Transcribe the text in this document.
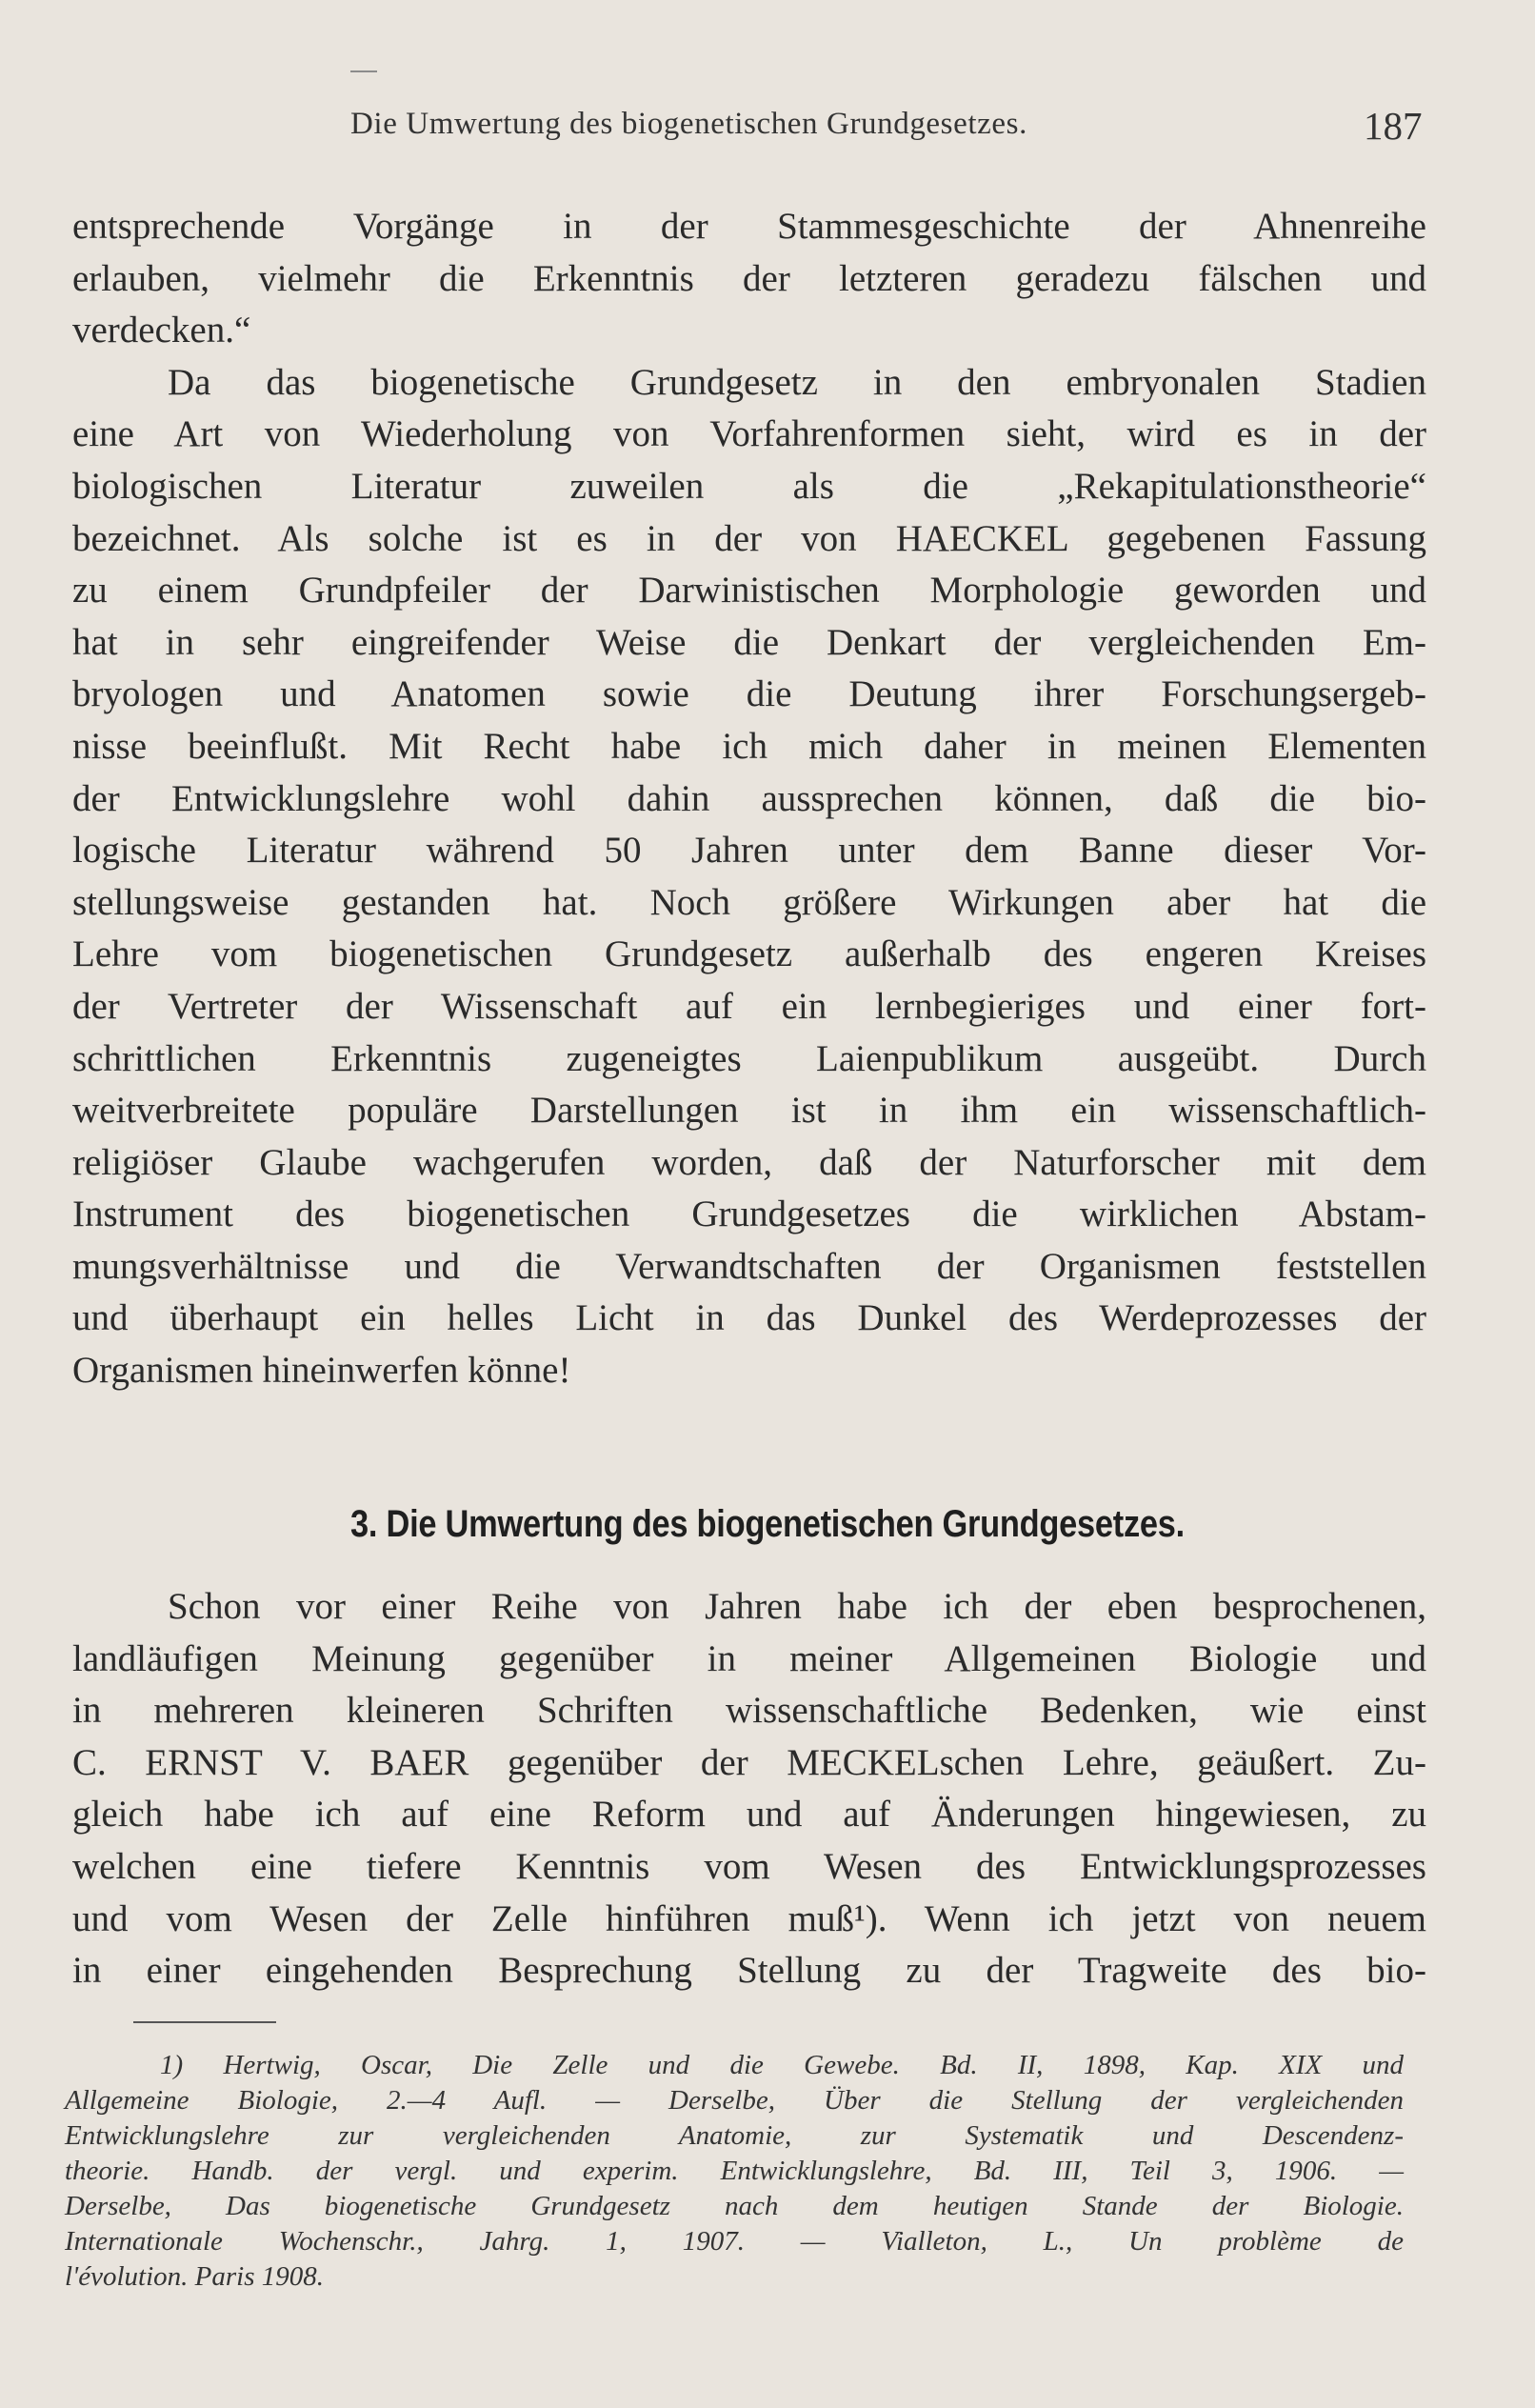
Die Umwertung des biogenetischen Grundgesetzes.	187
entsprechende Vorgänge in der Stammesgeschichte der Ahnenreihe
erlauben, vielmehr die Erkenntnis der letzteren geradezu fälschen und
verdecken.“
Da das biogenetische Grundgesetz in den embryonalen Stadien
eine Art von Wiederholung von Vorfahrenformen sieht, wird es in der
biologischen Literatur zuweilen als die „Rekapitulationstheorie“
bezeichnet. Als solche ist es in der von HAECKEL gegebenen Fassung
zu einem Grundpfeiler der Darwinistischen Morphologie geworden und
hat in sehr eingreifender Weise die Denkart der vergleichenden Em-
bryologen und Anatomen sowie die Deutung ihrer Forschungsergeb-
nisse beeinflußt. Mit Recht habe ich mich daher in meinen Elementen
der Entwicklungslehre wohl dahin aussprechen können, daß die bio-
logische Literatur während 50 Jahren unter dem Banne dieser Vor-
stellungsweise gestanden hat. Noch größere Wirkungen aber hat die
Lehre vom biogenetischen Grundgesetz außerhalb des engeren Kreises
der Vertreter der Wissenschaft auf ein lernbegieriges und einer fort-
schrittlichen Erkenntnis zugeneigtes Laienpublikum ausgeübt. Durch
weitverbreitete populäre Darstellungen ist in ihm ein wissenschaftlich-
religiöser Glaube wachgerufen worden, daß der Naturforscher mit dem
Instrument des biogenetischen Grundgesetzes die wirklichen Abstam-
mungsverhältnisse und die Verwandtschaften der Organismen feststellen
und überhaupt ein helles Licht in das Dunkel des Werdeprozesses der
Organismen hineinwerfen könne!
3. Die Umwertung des biogenetischen Grundgesetzes.
Schon vor einer Reihe von Jahren habe ich der eben besprochenen,
landläufigen Meinung gegenüber in meiner Allgemeinen Biologie und
in mehreren kleineren Schriften wissenschaftliche Bedenken, wie einst
C. ERNST V. BAER gegenüber der MECKELschen Lehre, geäußert. Zu-
gleich habe ich auf eine Reform und auf Änderungen hingewiesen, zu
welchen eine tiefere Kenntnis vom Wesen des Entwicklungsprozesses
und vom Wesen der Zelle hinführen muß¹). Wenn ich jetzt von neuem
in einer eingehenden Besprechung Stellung zu der Tragweite des bio-
1) Hertwig, Oscar, Die Zelle und die Gewebe. Bd. II, 1898, Kap. XIX und
Allgemeine Biologie, 2.—4 Aufl. — Derselbe, Über die Stellung der vergleichenden
Entwicklungslehre zur vergleichenden Anatomie, zur Systematik und Descendenz-
theorie. Handb. der vergl. und experim. Entwicklungslehre, Bd. III, Teil 3, 1906. —
Derselbe, Das biogenetische Grundgesetz nach dem heutigen Stande der Biologie.
Internationale Wochenschr., Jahrg. 1, 1907. — Vialleton, L., Un problème de
l'évolution. Paris 1908.
